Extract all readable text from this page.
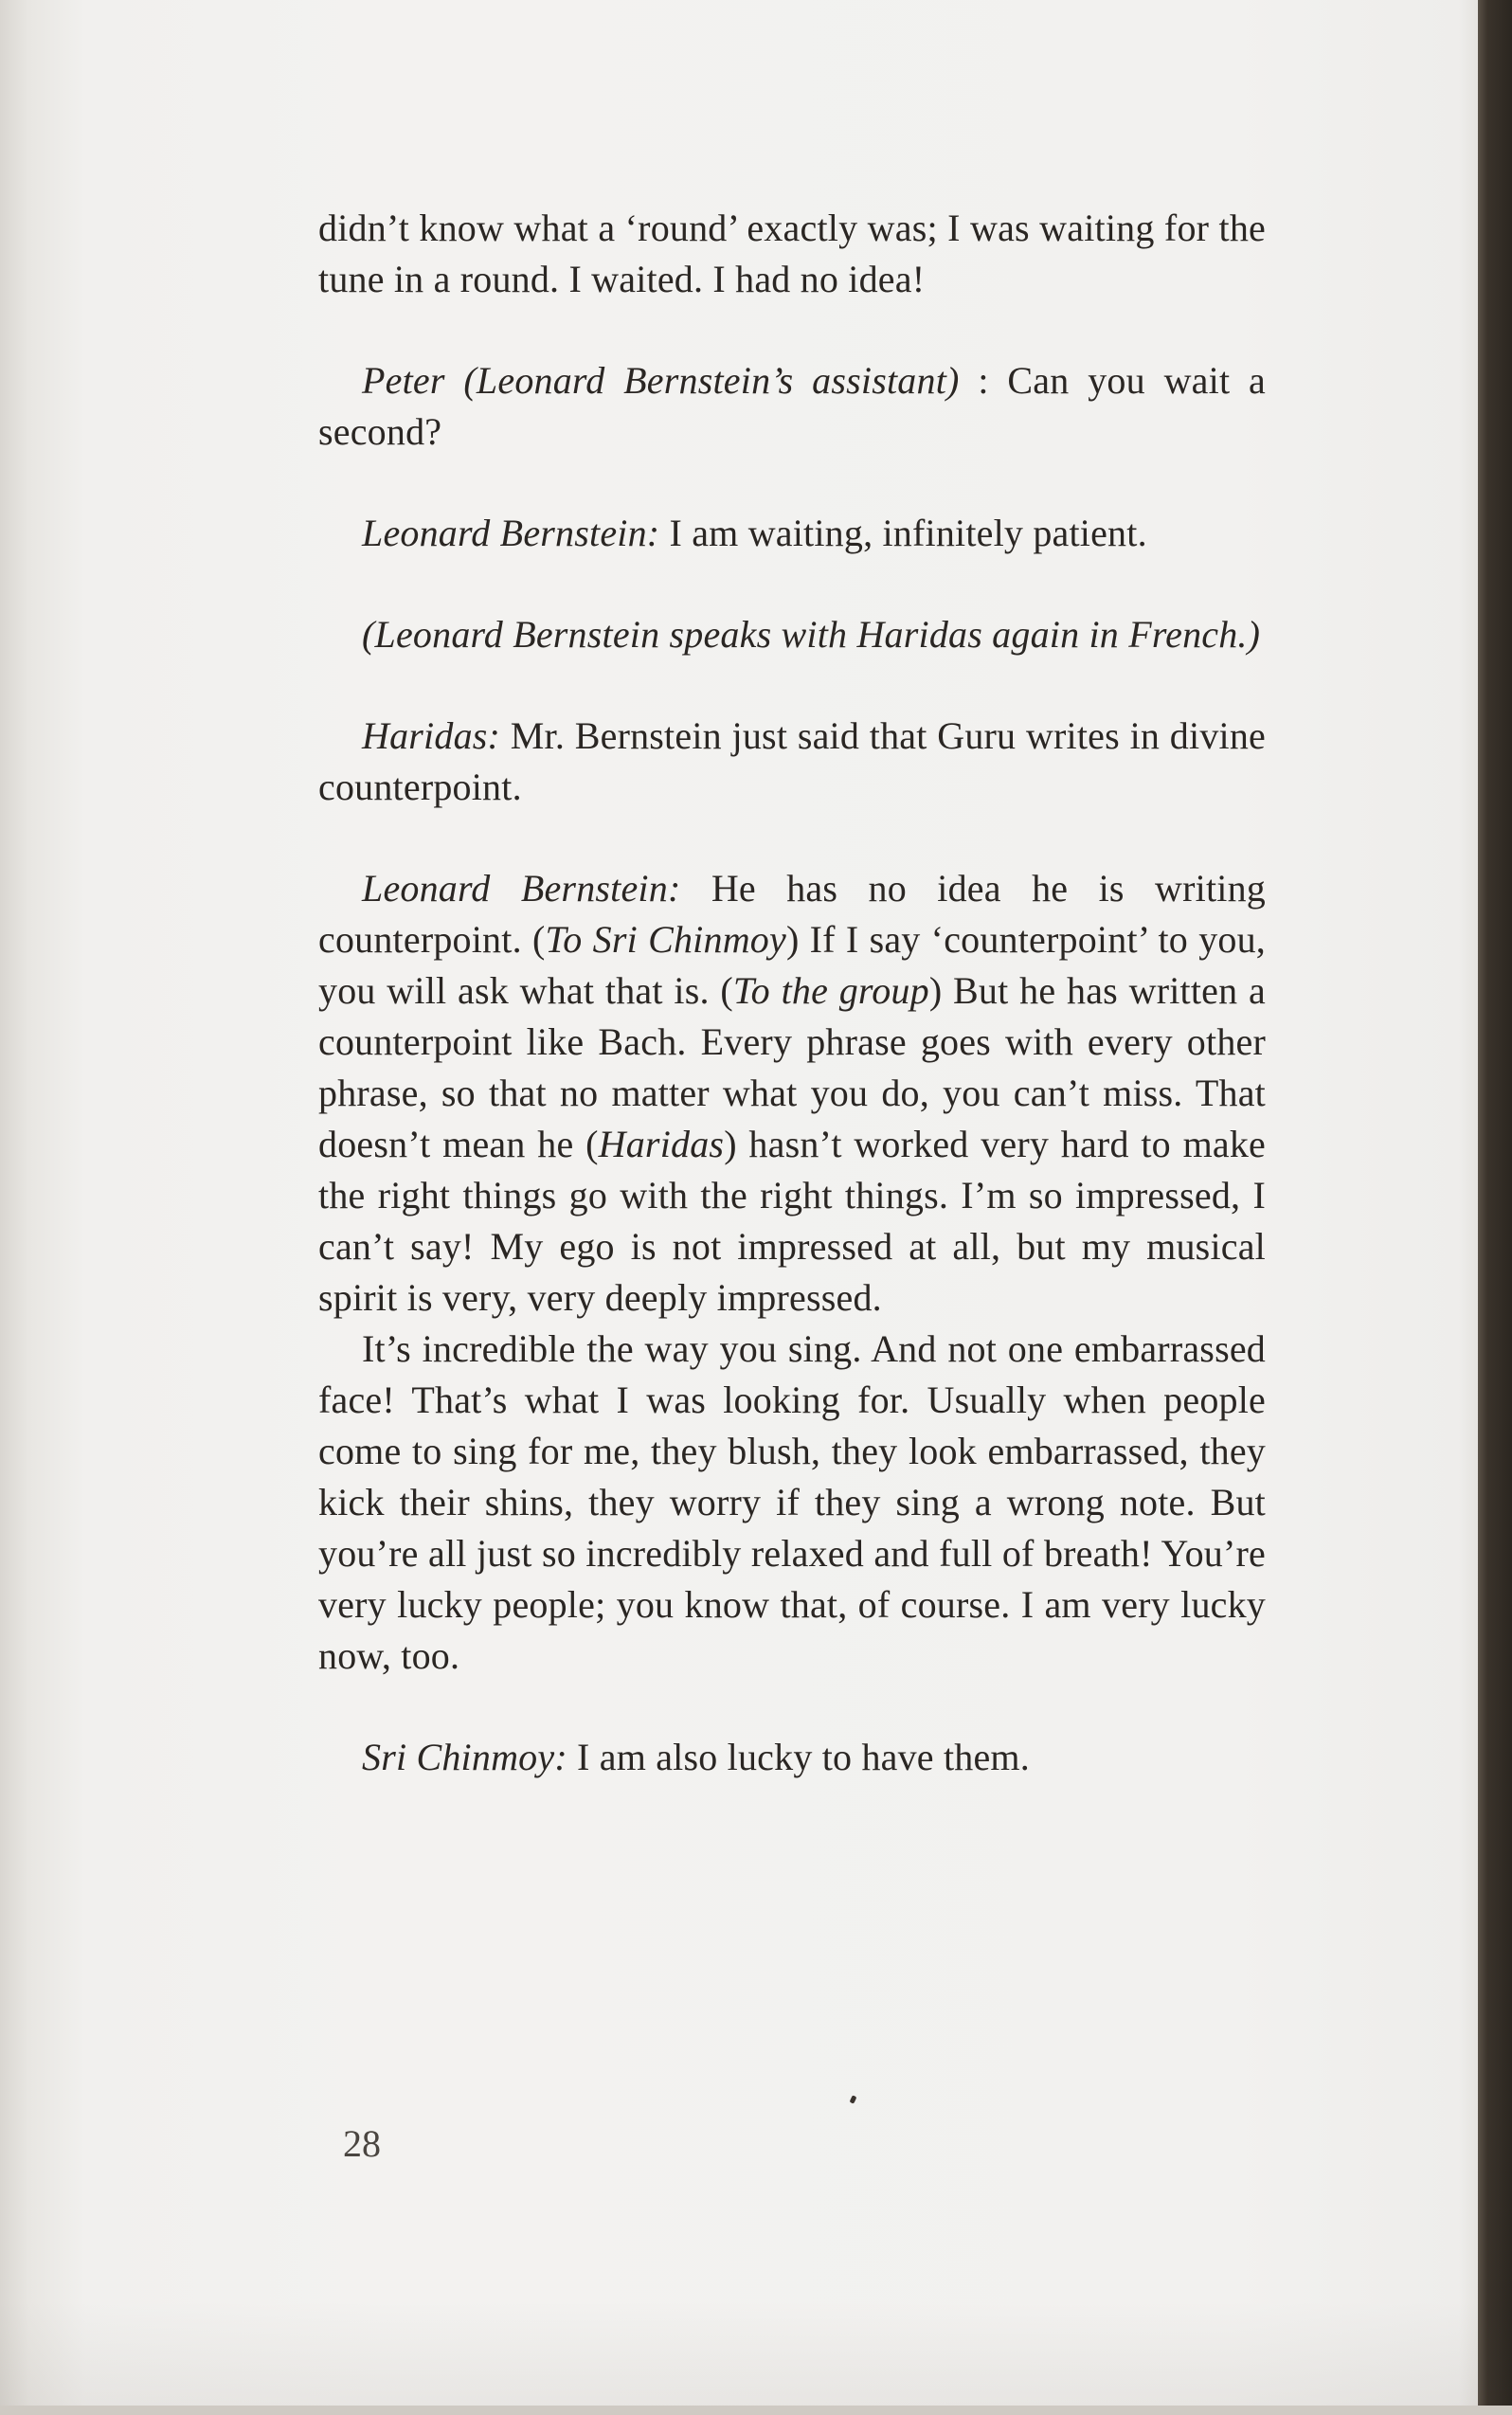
didn’t know what a ‘round’ exactly was; I was waiting for the tune in a round. I waited. I had no idea!

Peter (Leonard Bernstein’s assistant) : Can you wait a second?

Leonard Bernstein: I am waiting, infinitely patient.

(Leonard Bernstein speaks with Haridas again in French.)

Haridas: Mr. Bernstein just said that Guru writes in divine counterpoint.

Leonard Bernstein: He has no idea he is writing counterpoint. (To Sri Chinmoy) If I say ‘counterpoint’ to you, you will ask what that is. (To the group) But he has written a counterpoint like Bach. Every phrase goes with every other phrase, so that no matter what you do, you can’t miss. That doesn’t mean he (Haridas) hasn’t worked very hard to make the right things go with the right things. I’m so impressed, I can’t say! My ego is not impressed at all, but my musical spirit is very, very deeply impressed.

It’s incredible the way you sing. And not one embarrassed face! That’s what I was looking for. Usually when people come to sing for me, they blush, they look embarrassed, they kick their shins, they worry if they sing a wrong note. But you’re all just so incredibly relaxed and full of breath! You’re very lucky people; you know that, of course. I am very lucky now, too.

Sri Chinmoy: I am also lucky to have them.

28
